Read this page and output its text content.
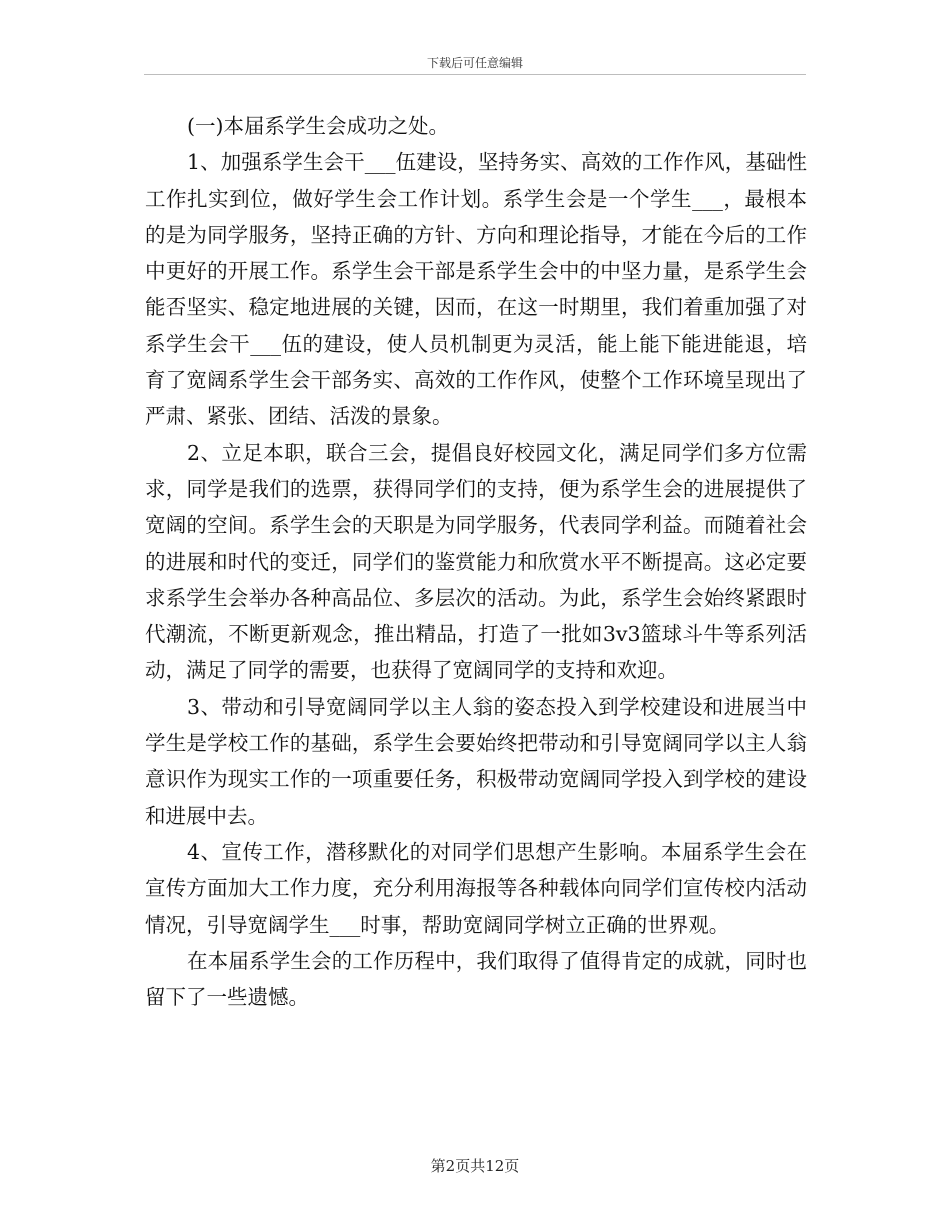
下载后可任意编辑

(一)本届系学生会成功之处。

1、加强系学生会干___伍建设，坚持务实、高效的工作作风，基础性工作扎实到位，做好学生会工作计划。系学生会是一个学生___，最根本的是为同学服务，坚持正确的方针、方向和理论指导，才能在今后的工作中更好的开展工作。系学生会干部是系学生会中的中坚力量，是系学生会能否坚实、稳定地进展的关键，因而，在这一时期里，我们着重加强了对系学生会干___伍的建设，使人员机制更为灵活，能上能下能进能退，培育了宽阔系学生会干部务实、高效的工作作风，使整个工作环境呈现出了严肃、紧张、团结、活泼的景象。

2、立足本职，联合三会，提倡良好校园文化，满足同学们多方位需求，同学是我们的选票，获得同学们的支持，便为系学生会的进展提供了宽阔的空间。系学生会的天职是为同学服务，代表同学利益。而随着社会的进展和时代的变迁，同学们的鉴赏能力和欣赏水平不断提高。这必定要求系学生会举办各种高品位、多层次的活动。为此，系学生会始终紧跟时代潮流，不断更新观念，推出精品，打造了一批如3v3篮球斗牛等系列活动，满足了同学的需要，也获得了宽阔同学的支持和欢迎。

3、带动和引导宽阔同学以主人翁的姿态投入到学校建设和进展当中学生是学校工作的基础，系学生会要始终把带动和引导宽阔同学以主人翁意识作为现实工作的一项重要任务，积极带动宽阔同学投入到学校的建设和进展中去。

4、宣传工作，潜移默化的对同学们思想产生影响。本届系学生会在宣传方面加大工作力度，充分利用海报等各种载体向同学们宣传校内活动情况，引导宽阔学生___时事，帮助宽阔同学树立正确的世界观。

在本届系学生会的工作历程中，我们取得了值得肯定的成就，同时也留下了一些遗憾。

第2页共12页
